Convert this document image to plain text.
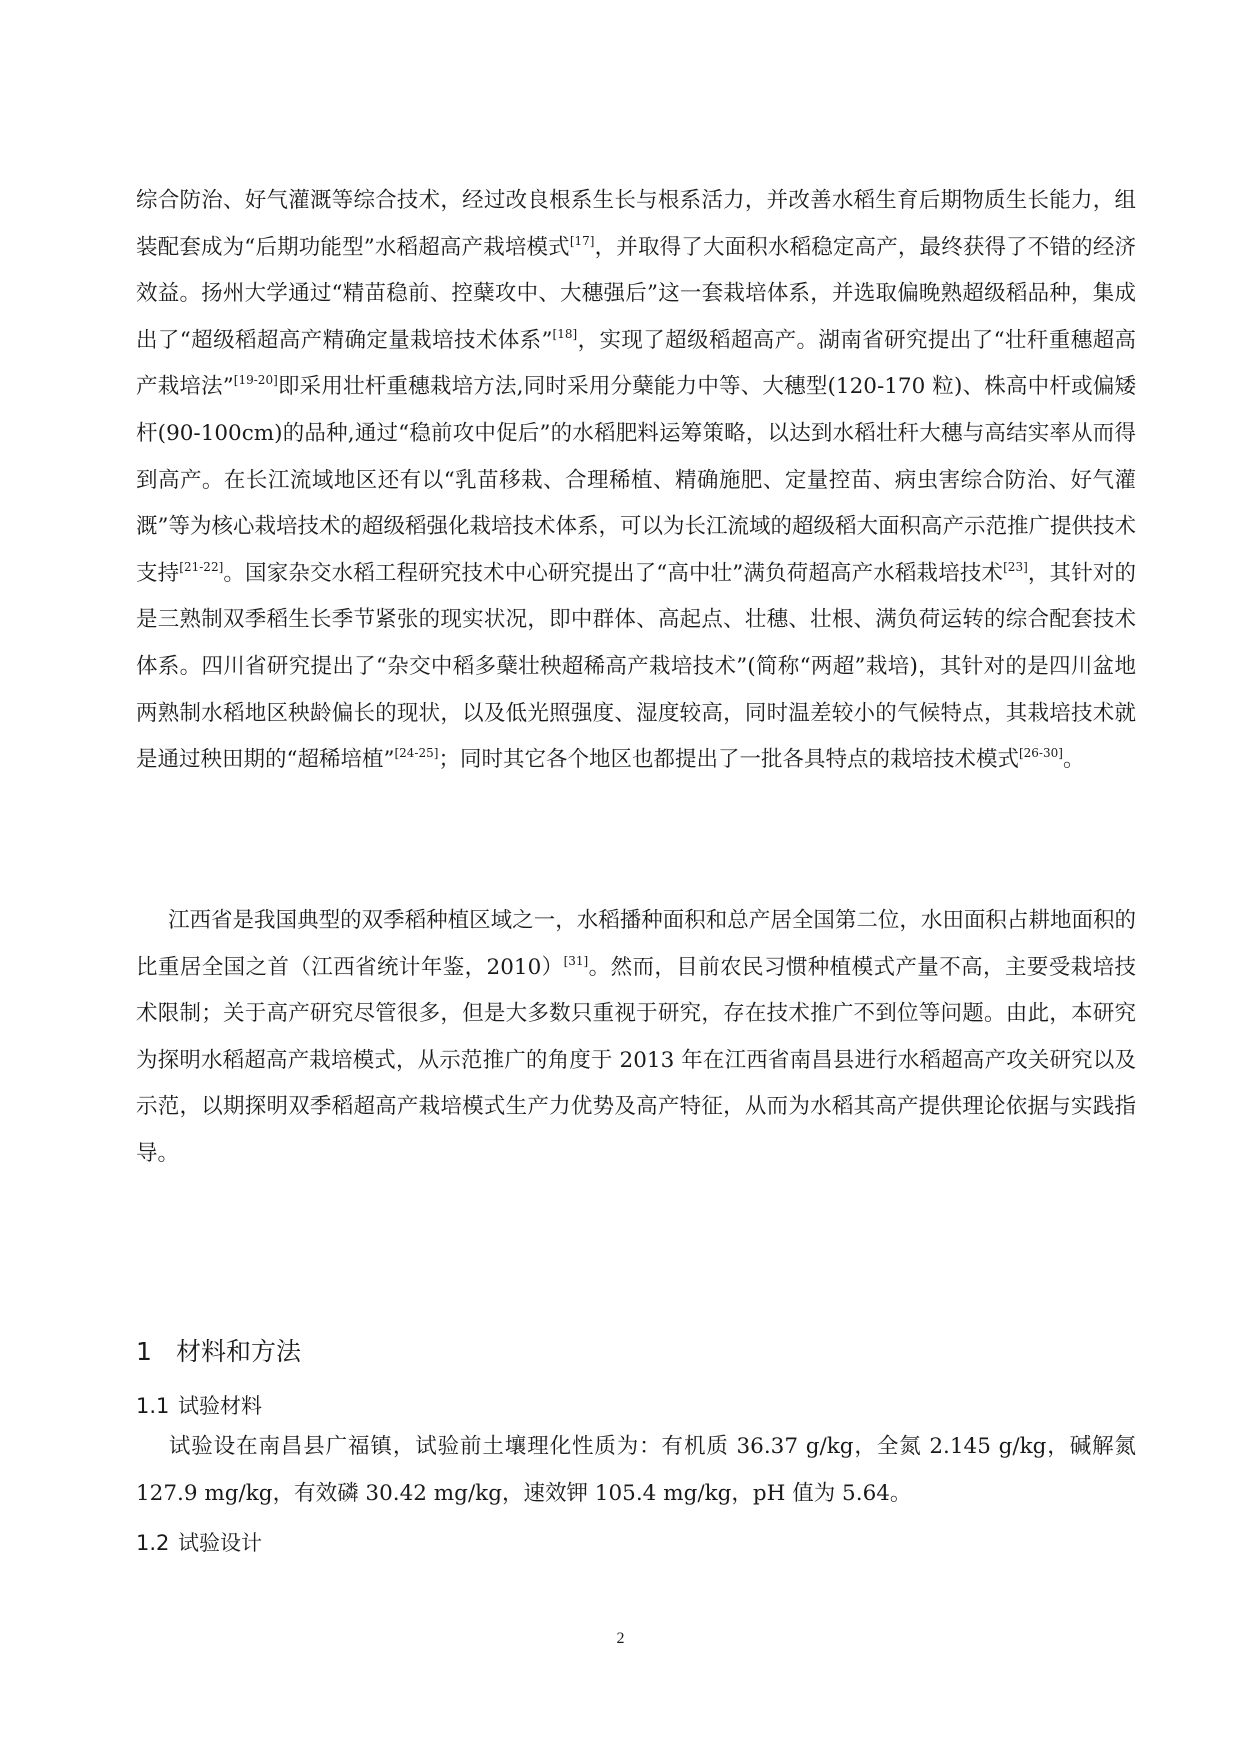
综合防治、好气灌溉等综合技术，经过改良根系生长与根系活力，并改善水稻生育后期物质生长能力，组装配套成为“后期功能型”水稻超高产栽培模式[17]，并取得了大面积水稻稳定高产，最终获得了不错的经济效益。扬州大学通过“精苗稳前、控蘖攻中、大穗强后”这一套栽培体系，并选取偏晚熟超级稻品种，集成出了“超级稻超高产精确定量栽培技术体系”[18]，实现了超级稻超高产。湖南省研究提出了“壮秆重穗超高产栽培法”[19-20]即采用壮杆重穗栽培方法,同时采用分蘖能力中等、大穗型(120-170 粒)、株高中杆或偏矮杆(90-100cm)的品种,通过“稳前攻中促后”的水稻肥料运筹策略，以达到水稻壮秆大穗与高结实率从而得到高产。在长江流域地区还有以“乳苗移栽、合理稀植、精确施肥、定量控苗、病虫害综合防治、好气灌溉”等为核心栽培技术的超级稻强化栽培技术体系，可以为长江流域的超级稻大面积高产示范推广提供技术支持[21-22]。国家杂交水稻工程研究技术中心研究提出了“高中壮”满负荷超高产水稻栽培技术[23]，其针对的是三熟制双季稻生长季节紧张的现实状况，即中群体、高起点、壮穗、壮根、满负荷运转的综合配套技术体系。四川省研究提出了“杂交中稻多蘖壮秧超稀高产栽培技术”(简称“两超”栽培)，其针对的是四川盆地两熟制水稻地区秧龄偏长的现状，以及低光照强度、湿度较高，同时温差较小的气候特点，其栽培技术就是通过秧田期的“超稀培植”[24-25]；同时其它各个地区也都提出了一批各具特点的栽培技术模式[26-30]。

江西省是我国典型的双季稻种植区域之一，水稻播种面积和总产居全国第二位，水田面积占耕地面积的比重居全国之首（江西省统计年鉴，2010）[31]。然而，目前农民习惯种植模式产量不高，主要受栽培技术限制；关于高产研究尽管很多，但是大多数只重视于研究，存在技术推广不到位等问题。由此，本研究为探明水稻超高产栽培模式，从示范推广的角度于 2013 年在江西省南昌县进行水稻超高产攻关研究以及示范，以期探明双季稻超高产栽培模式生产力优势及高产特征，从而为水稻其高产提供理论依据与实践指导。

1 材料和方法
1.1 试验材料

试验设在南昌县广福镇，试验前土壤理化性质为：有机质 36.37 g/kg，全氮 2.145 g/kg，碱解氮 127.9 mg/kg，有效磷 30.42 mg/kg，速效钾 105.4 mg/kg，pH 值为 5.64。

1.2 试验设计
2
